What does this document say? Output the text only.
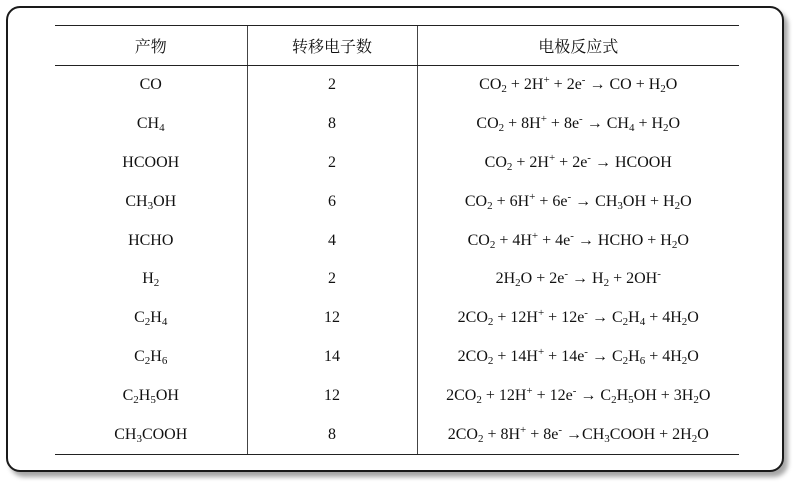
产物	转移电子数	电极反应式
CO	2	$CO_2 + 2H^+ + 2e^-$ → CO + $H_2O$
$CH_4$	8	$CO_2 + 8H^+ + 8e^- \to CH_4 + H_2O$
HCOOH	2	$CO_2 + 2H^+ + 2e^-$ → HCOOH
$CH_3OH$	6	$CO_2 + 6H^+ + 6e^- \to CH_3OH + H_2O$
HCHO	4	$CO_2 + 4H^+ + 4e^-$ → HCHO + $H_2O$
$H_2$	2	$2H_2O + 2e^- \to H_2 + 2OH^-$
$C_2H_4$	12	$2CO_2 + 12H^+ + 12e^- \to C_2H_4 + 4H_2O$
$C_2H_6$	14	$2CO_2 + 14H^+ + 14e^- \to C_2H_6 + 4H_2O$
$C_2H_5OH$	12	$2CO_2 + 12H^+ + 12e^- \to C_2H_5OH + 3H_2O$
$CH_3COOH$	8	$2CO_2 + 8H^+ + 8e^-$ $\to CH_3COOH + 2H_2O$
